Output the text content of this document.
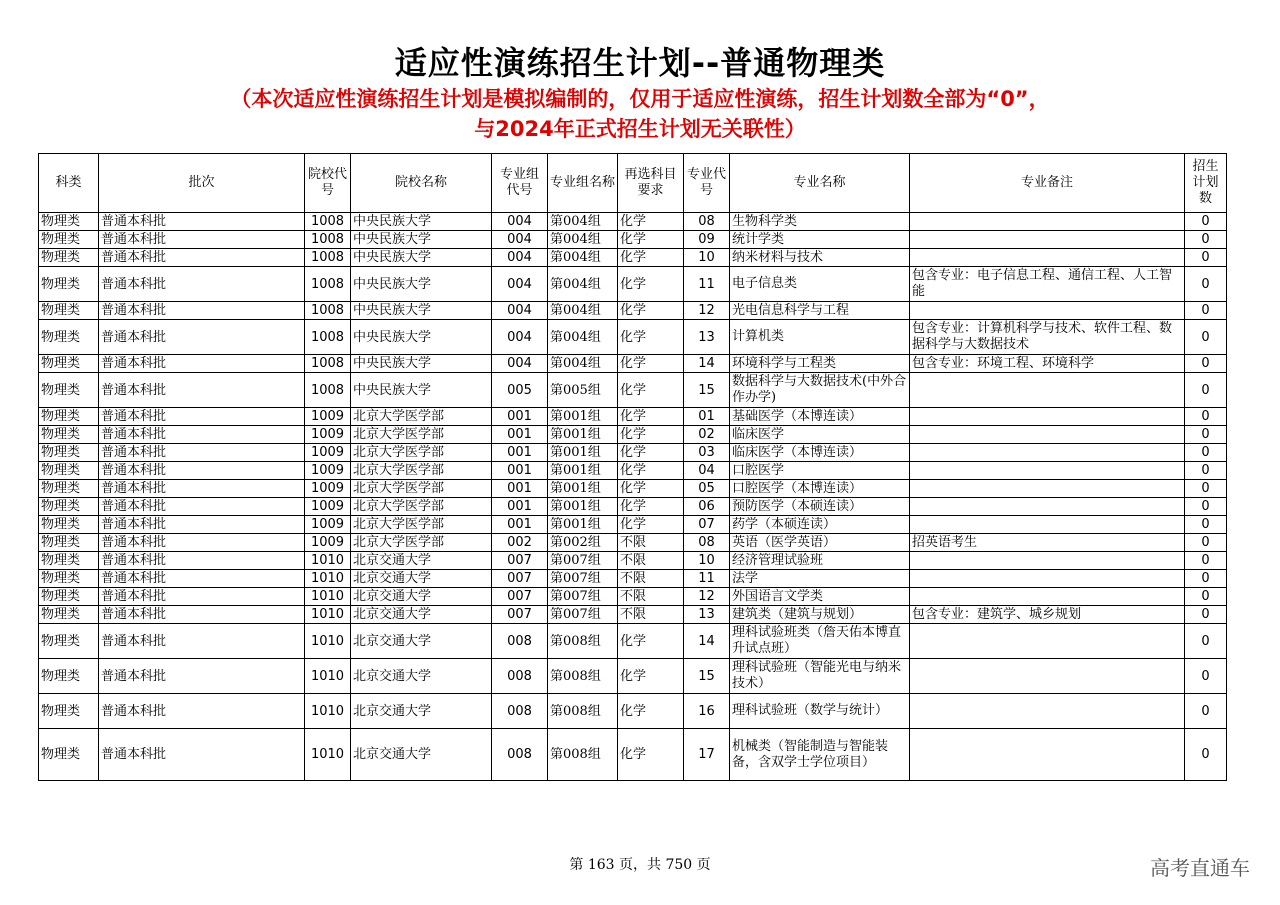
适应性演练招生计划--普通物理类
（本次适应性演练招生计划是模拟编制的，仅用于适应性演练，招生计划数全部为“0”，
与2024年正式招生计划无关联性）
科类	批次	院校代号	院校名称	专业组代号	专业组名称	再选科目要求	专业代号	专业名称	专业备注	招生计划数
物理类	普通本科批	1008	中央民族大学	004	第004组	化学	08	生物科学类		0
物理类	普通本科批	1008	中央民族大学	004	第004组	化学	09	统计学类		0
物理类	普通本科批	1008	中央民族大学	004	第004组	化学	10	纳米材料与技术		0
物理类	普通本科批	1008	中央民族大学	004	第004组	化学	11	电子信息类	包含专业：电子信息工程、通信工程、人工智能	0
物理类	普通本科批	1008	中央民族大学	004	第004组	化学	12	光电信息科学与工程		0
物理类	普通本科批	1008	中央民族大学	004	第004组	化学	13	计算机类	包含专业：计算机科学与技术、软件工程、数据科学与大数据技术	0
物理类	普通本科批	1008	中央民族大学	004	第004组	化学	14	环境科学与工程类	包含专业：环境工程、环境科学	0
物理类	普通本科批	1008	中央民族大学	005	第005组	化学	15	数据科学与大数据技术(中外合作办学)		0
物理类	普通本科批	1009	北京大学医学部	001	第001组	化学	01	基础医学（本博连读）		0
物理类	普通本科批	1009	北京大学医学部	001	第001组	化学	02	临床医学		0
物理类	普通本科批	1009	北京大学医学部	001	第001组	化学	03	临床医学（本博连读）		0
物理类	普通本科批	1009	北京大学医学部	001	第001组	化学	04	口腔医学		0
物理类	普通本科批	1009	北京大学医学部	001	第001组	化学	05	口腔医学（本博连读）		0
物理类	普通本科批	1009	北京大学医学部	001	第001组	化学	06	预防医学（本硕连读）		0
物理类	普通本科批	1009	北京大学医学部	001	第001组	化学	07	药学（本硕连读）		0
物理类	普通本科批	1009	北京大学医学部	002	第002组	不限	08	英语（医学英语）	招英语考生	0
物理类	普通本科批	1010	北京交通大学	007	第007组	不限	10	经济管理试验班		0
物理类	普通本科批	1010	北京交通大学	007	第007组	不限	11	法学		0
物理类	普通本科批	1010	北京交通大学	007	第007组	不限	12	外国语言文学类		0
物理类	普通本科批	1010	北京交通大学	007	第007组	不限	13	建筑类（建筑与规划）	包含专业：建筑学、城乡规划	0
物理类	普通本科批	1010	北京交通大学	008	第008组	化学	14	理科试验班类（詹天佑本博直升试点班）		0
物理类	普通本科批	1010	北京交通大学	008	第008组	化学	15	理科试验班（智能光电与纳米技术）		0
物理类	普通本科批	1010	北京交通大学	008	第008组	化学	16	理科试验班（数学与统计）		0
物理类	普通本科批	1010	北京交通大学	008	第008组	化学	17	机械类（智能制造与智能装备，含双学士学位项目）		0
第 163 页，共 750 页	高考直通车
